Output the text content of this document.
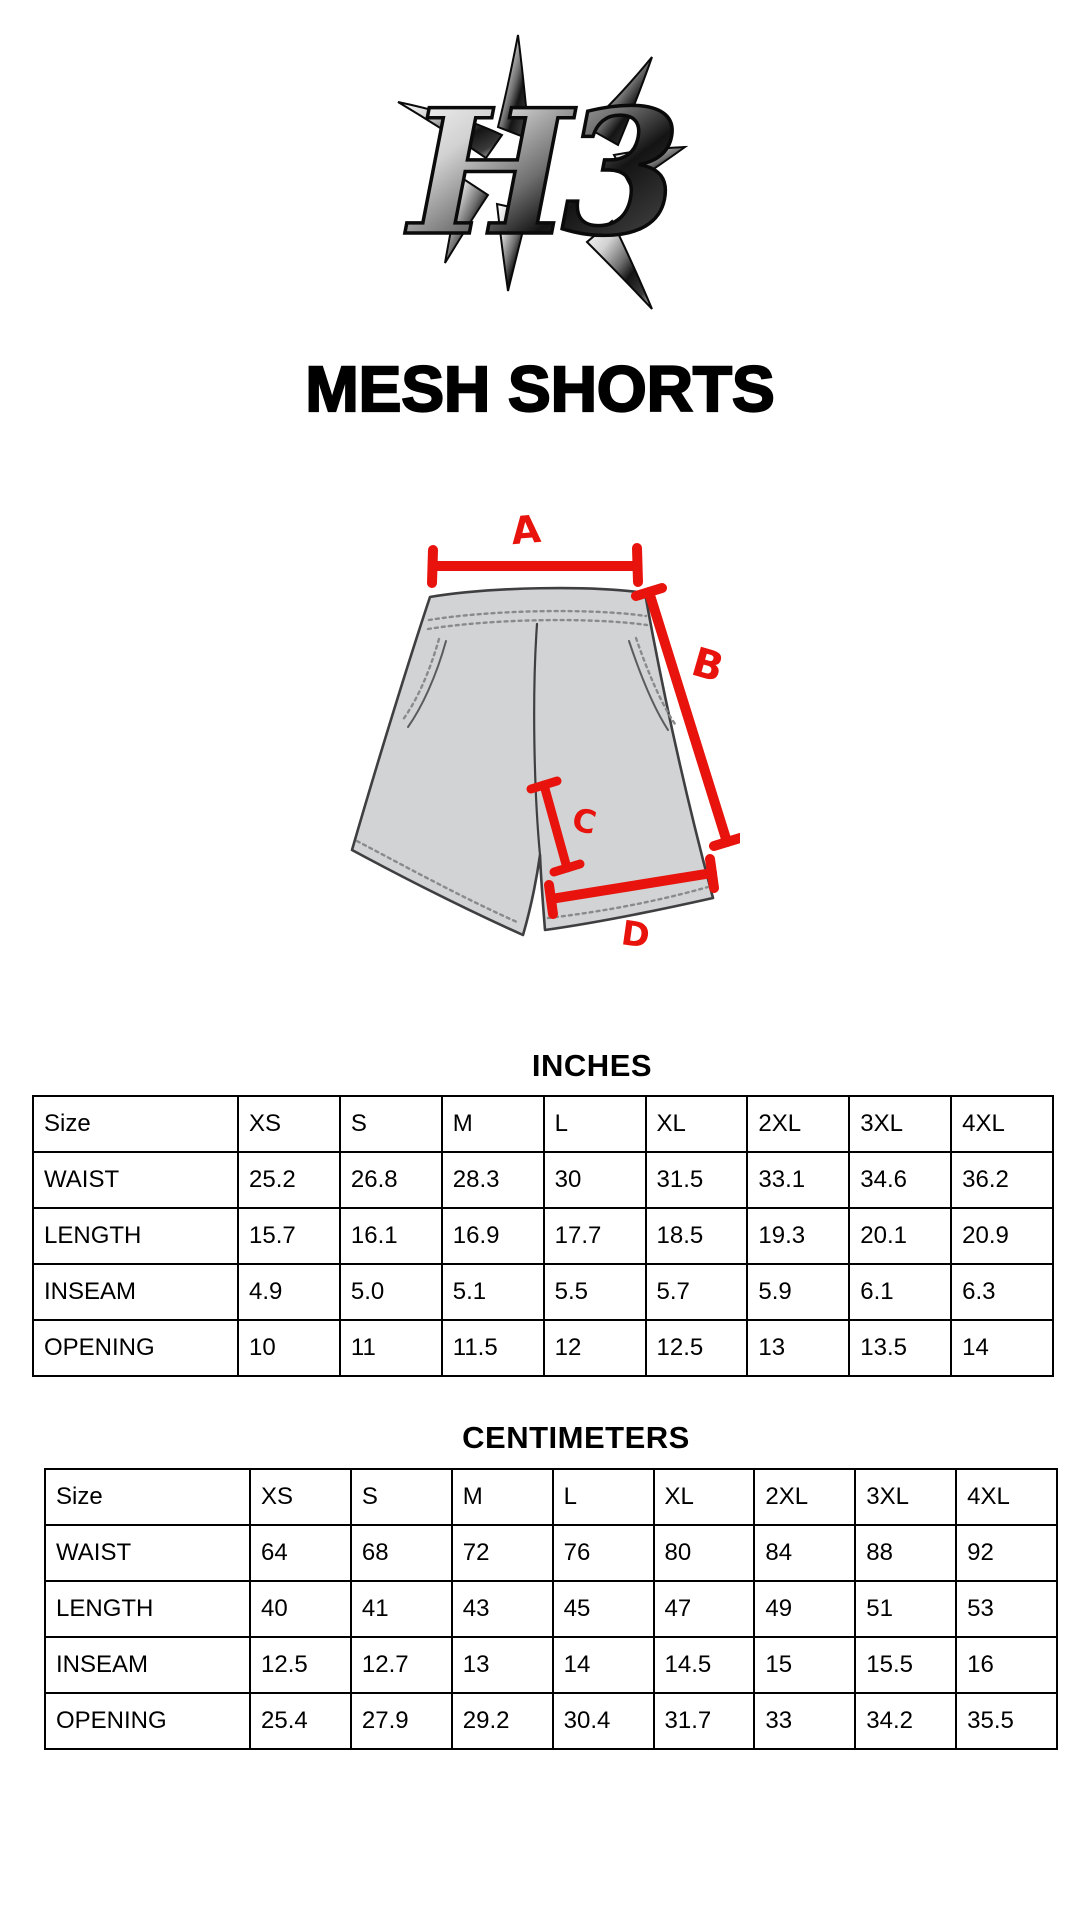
H3
MESH SHORTS
A
B
C
D
INCHES
Size	XS	S	M	L	XL	2XL	3XL	4XL
WAIST	25.2	26.8	28.3	30	31.5	33.1	34.6	36.2
LENGTH	15.7	16.1	16.9	17.7	18.5	19.3	20.1	20.9
INSEAM	4.9	5.0	5.1	5.5	5.7	5.9	6.1	6.3
OPENING	10	11	11.5	12	12.5	13	13.5	14
CENTIMETERS
Size	XS	S	M	L	XL	2XL	3XL	4XL
WAIST	64	68	72	76	80	84	88	92
LENGTH	40	41	43	45	47	49	51	53
INSEAM	12.5	12.7	13	14	14.5	15	15.5	16
OPENING	25.4	27.9	29.2	30.4	31.7	33	34.2	35.5
